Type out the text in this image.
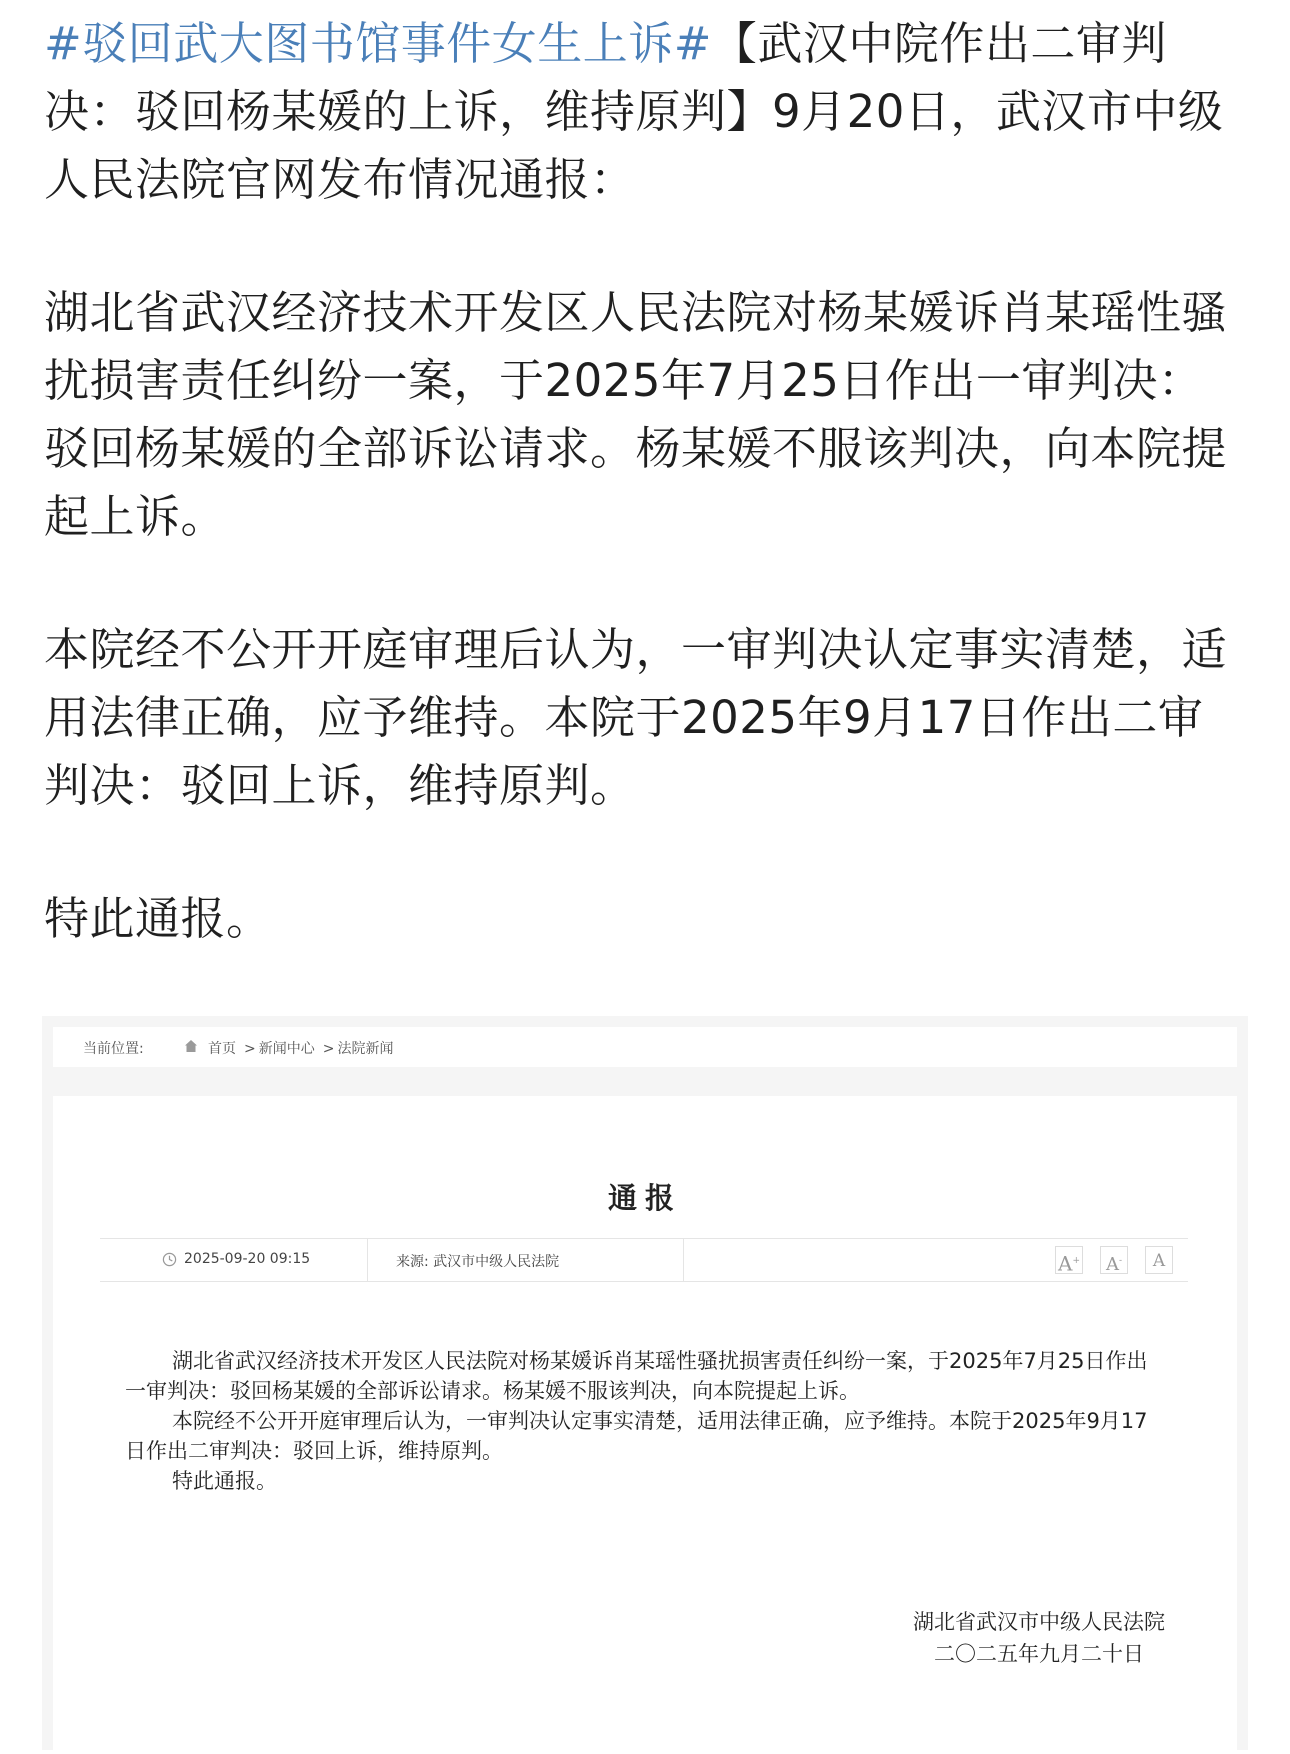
#驳回武大图书馆事件女生上诉#【武汉中院作出二审判决：驳回杨某媛的上诉，维持原判】9月20日，武汉市中级人民法院官网发布情况通报：

湖北省武汉经济技术开发区人民法院对杨某媛诉肖某瑶性骚扰损害责任纠纷一案，于2025年7月25日作出一审判决：驳回杨某媛的全部诉讼请求。杨某媛不服该判决，向本院提起上诉。

本院经不公开开庭审理后认为，一审判决认定事实清楚，适用法律正确，应予维持。本院于2025年9月17日作出二审判决：驳回上诉，维持原判。

特此通报。

当前位置:	首页 > 新闻中心 > 法院新闻
通报
2025-09-20 09:15	来源: 武汉市中级人民法院	A+	A-	A

湖北省武汉经济技术开发区人民法院对杨某媛诉肖某瑶性骚扰损害责任纠纷一案，于2025年7月25日作出一审判决：驳回杨某媛的全部诉讼请求。杨某媛不服该判决，向本院提起上诉。

本院经不公开开庭审理后认为，一审判决认定事实清楚，适用法律正确，应予维持。本院于2025年9月17日作出二审判决：驳回上诉，维持原判。

特此通报。

湖北省武汉市中级人民法院
二〇二五年九月二十日
